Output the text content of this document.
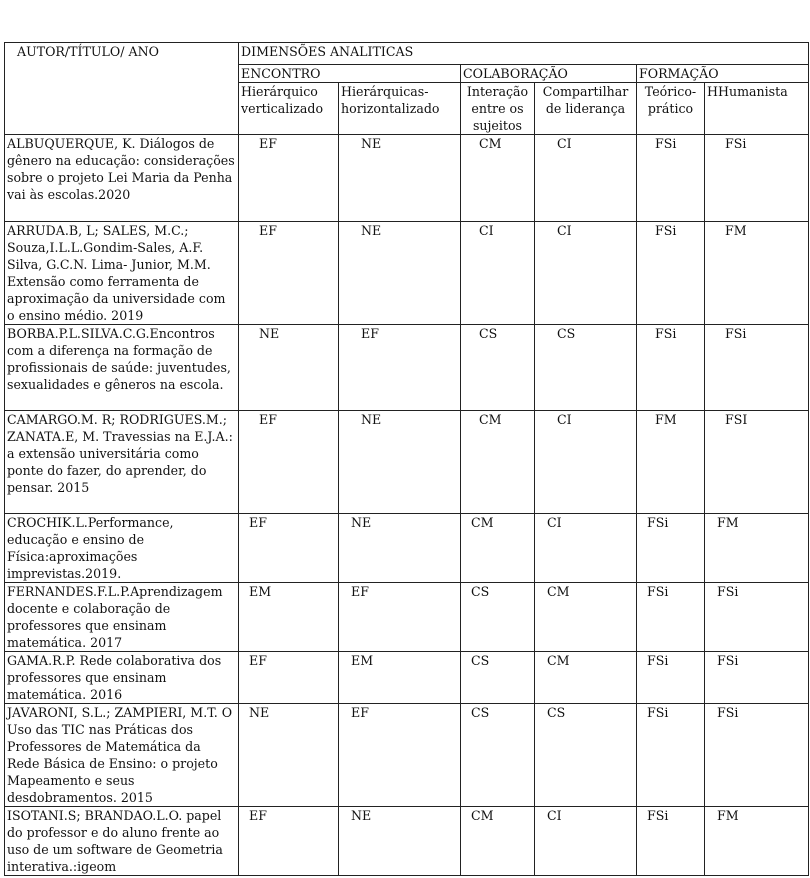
AUTOR/TÍTULO/ ANO	DIMENSÕES ANALITICAS					
	ENCONTRO		COLABORAÇÃO		FORMAÇÃO	
	Hierárquico verticalizado	Hierárquicas-horizontalizado	Interação entre os sujeitos	Compartilhar de liderança	Teórico-prático	HHumanista
ALBUQUERQUE, K. Diálogos de gênero na educação: considerações sobre o projeto Lei Maria da Penha vai às escolas.2020	EF	NE	CM	CI	FSi	FSi
ARRUDA.B, L; SALES, M.C.; Souza,I.L.L.Gondim-Sales, A.F. Silva, G.C.N. Lima- Junior, M.M. Extensão como ferramenta de aproximação da universidade com o ensino médio. 2019	EF	NE	CI	CI	FSi	FM
BORBA.P.L.SILVA.C.G.Encontros com a diferença na formação de profissionais de saúde: juventudes, sexualidades e gêneros na escola.	NE	EF	CS	CS	FSi	FSi
CAMARGO.M. R; RODRIGUES.M.; ZANATA.E, M. Travessias na E.J.A.: a extensão universitária como ponte do fazer, do aprender, do pensar. 2015	EF	NE	CM	CI	FM	FSI
CROCHIK.L.Performance, educação e ensino de Física:aproximações imprevistas.2019.	EF	NE	CM	CI	FSi	FM
FERNANDES.F.L.P.Aprendizagem docente e colaboração de professores que ensinam matemática. 2017	EM	EF	CS	CM	FSi	FSi
GAMA.R.P. Rede colaborativa dos professores que ensinam matemática. 2016	EF	EM	CS	CM	FSi	FSi
JAVARONI, S.L.; ZAMPIERI, M.T. O Uso das TIC nas Práticas dos Professores de Matemática da Rede Básica de Ensino: o projeto Mapeamento e seus desdobramentos. 2015	NE	EF	CS	CS	FSi	FSi
ISOTANI.S; BRANDAO.L.O. papel do professor e do aluno frente ao uso de um software de Geometria interativa.:igeom	EF	NE	CM	CI	FSi	FM
